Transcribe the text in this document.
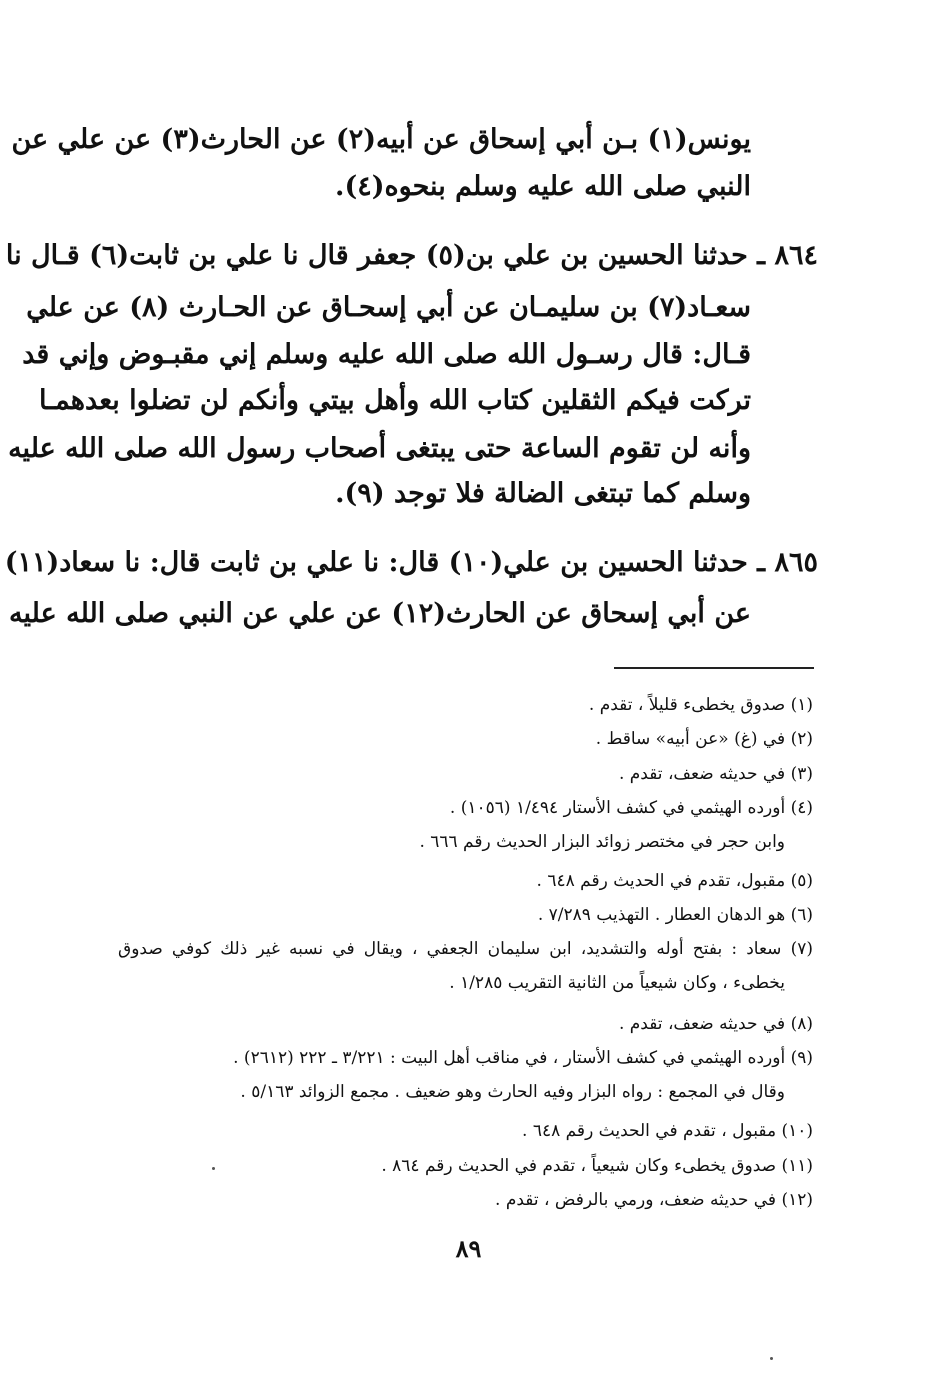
يونس(١) بـن أبي إسحاق عن أبيه(٢) عن الحارث(٣) عن علي عن
النبي صلى الله عليه وسلم بنحوه(٤).
٨٦٤ ـ حدثنا الحسين بن علي بن(٥) جعفر قال نا علي بن ثابت(٦) قـال نا
سعـاد(٧) بن سليمـان عن أبي إسحـاق عن الحـارث (٨) عن علي
قـال: قال رسـول الله صلى الله عليه وسلم إني مقبـوض وإني قد
تركت فيكم الثقلين كتاب الله وأهل بيتي وأنكم لن تضلوا بعدهمـا
وأنه لن تقوم الساعة حتى يبتغى أصحاب رسول الله صلى الله عليه
وسلم كما تبتغى الضالة فلا توجد (٩).
٨٦٥ ـ حدثنا الحسين بن علي(١٠) قال: نا علي بن ثابت قال: نا سعاد(١١)
عن أبي إسحاق عن الحارث(١٢) عن علي عن النبي صلى الله عليه
(١) صدوق يخطىء قليلاً ، تقدم .
(٢) في (غ) «عن أبيه» ساقط .
(٣) في حديثه ضعف، تقدم .
(٤) أورده الهيثمي في كشف الأستار ١/٤٩٤ (١٠٥٦) .
وابن حجر في مختصر زوائد البزار الحديث رقم ٦٦٦ .
(٥) مقبول، تقدم في الحديث رقم ٦٤٨ .
(٦) هو الدهان العطار . التهذيب ٧/٢٨٩ .
(٧) سعاد : بفتح أوله والتشديد، ابن سليمان الجعفي ، ويقال في نسبه غير ذلك كوفي صدوق
يخطىء ، وكان شيعياً من الثانية التقريب ١/٢٨٥ .
(٨) في حديثه ضعف، تقدم .
(٩) أورده الهيثمي في كشف الأستار ، في مناقب أهل البيت : ٣/٢٢١ ـ ٢٢٢ (٢٦١٢) .
وقال في المجمع : رواه البزار وفيه الحارث وهو ضعيف . مجمع الزوائد ٥/١٦٣ .
(١٠) مقبول ، تقدم في الحديث رقم ٦٤٨ .
(١١) صدوق يخطىء وكان شيعياً ، تقدم في الحديث رقم ٨٦٤ .
(١٢) في حديثه ضعف، ورمي بالرفض ، تقدم .
٨٩
